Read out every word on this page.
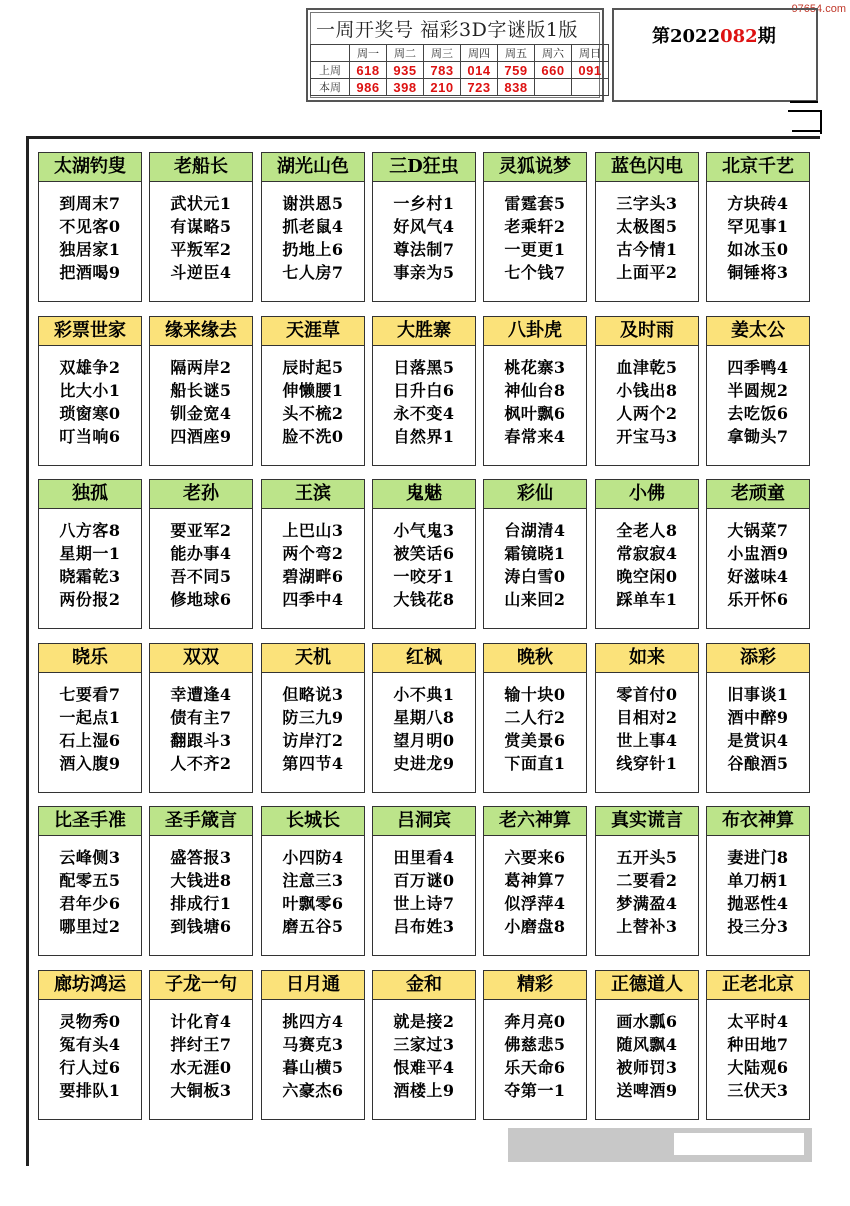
97654.com
一周开奖号 福彩3D字谜版1版
	周一	周二	周三	周四	周五	周六	周日
上周	618	935	783	014	759	660	091
本周	986	398	210	723	838		
第2022082期
太湖钓叟
到周末7
不见客0
独居家1
把酒喝9
老船长
武状元1
有谋略5
平叛军2
斗逆臣4
湖光山色
谢洪恩5
抓老鼠4
扔地上6
七人房7
三D狂虫
一乡村1
好风气4
尊法制7
事亲为5
灵狐说梦
雷霆套5
老乘轩2
一更更1
七个钱7
蓝色闪电
三字头3
太极图5
古今情1
上面平2
北京千艺
方块砖4
罕见事1
如冰玉0
铜锤将3
彩票世家
双雄争2
比大小1
琐窗寒0
叮当响6
缘来缘去
隔两岸2
船长谜5
钏金宽4
四酒座9
天涯草
辰时起5
伸懒腰1
头不梳2
脸不洗0
大胜寨
日落黑5
日升白6
永不变4
自然界1
八卦虎
桃花寨3
神仙台8
枫叶飘6
春常来4
及时雨
血津乾5
小钱出8
人两个2
开宝马3
姜太公
四季鸭4
半圆规2
去吃饭6
拿锄头7
独孤
八方客8
星期一1
晓霜乾3
两份报2
老孙
要亚军2
能办事4
吾不同5
修地球6
王滨
上巴山3
两个弯2
碧湖畔6
四季中4
鬼魅
小气鬼3
被笑话6
一咬牙1
大钱花8
彩仙
台湖清4
霜镜晓1
涛白雪0
山来回2
小佛
全老人8
常寂寂4
晚空闲0
踩单车1
老顽童
大锅菜7
小盅酒9
好滋味4
乐开怀6
晓乐
七要看7
一起点1
石上湿6
酒入腹9
双双
幸遭逢4
债有主7
翻跟斗3
人不齐2
天机
但略说3
防三九9
访岸汀2
第四节4
红枫
小不典1
星期八8
望月明0
史进龙9
晚秋
输十块0
二人行2
赏美景6
下面直1
如来
零首付0
目相对2
世上事4
线穿针1
添彩
旧事谈1
酒中醉9
是赏识4
谷酿酒5
比圣手准
云峰侧3
配零五5
君年少6
哪里过2
圣手箴言
盛答报3
大钱进8
排成行1
到钱塘6
长城长
小四防4
注意三3
叶飘零6
磨五谷5
吕洞宾
田里看4
百万谜0
世上诗7
吕布姓3
老六神算
六要来6
葛神算7
似浮萍4
小磨盘8
真实谎言
五开头5
二要看2
梦满盈4
上替补3
布衣神算
妻进门8
单刀柄1
抛恶性4
投三分3
廊坊鸿运
灵物秀0
冤有头4
行人过6
要排队1
子龙一句
计化育4
拌纣王7
水无涯0
大铜板3
日月通
挑四方4
马赛克3
暮山横5
六豪杰6
金和
就是接2
三家过3
恨难平4
酒楼上9
精彩
奔月亮0
佛慈悲5
乐天命6
夺第一1
正德道人
画水瓢6
随风飘4
被师罚3
送啤酒9
正老北京
太平时4
种田地7
大陆观6
三伏天3
